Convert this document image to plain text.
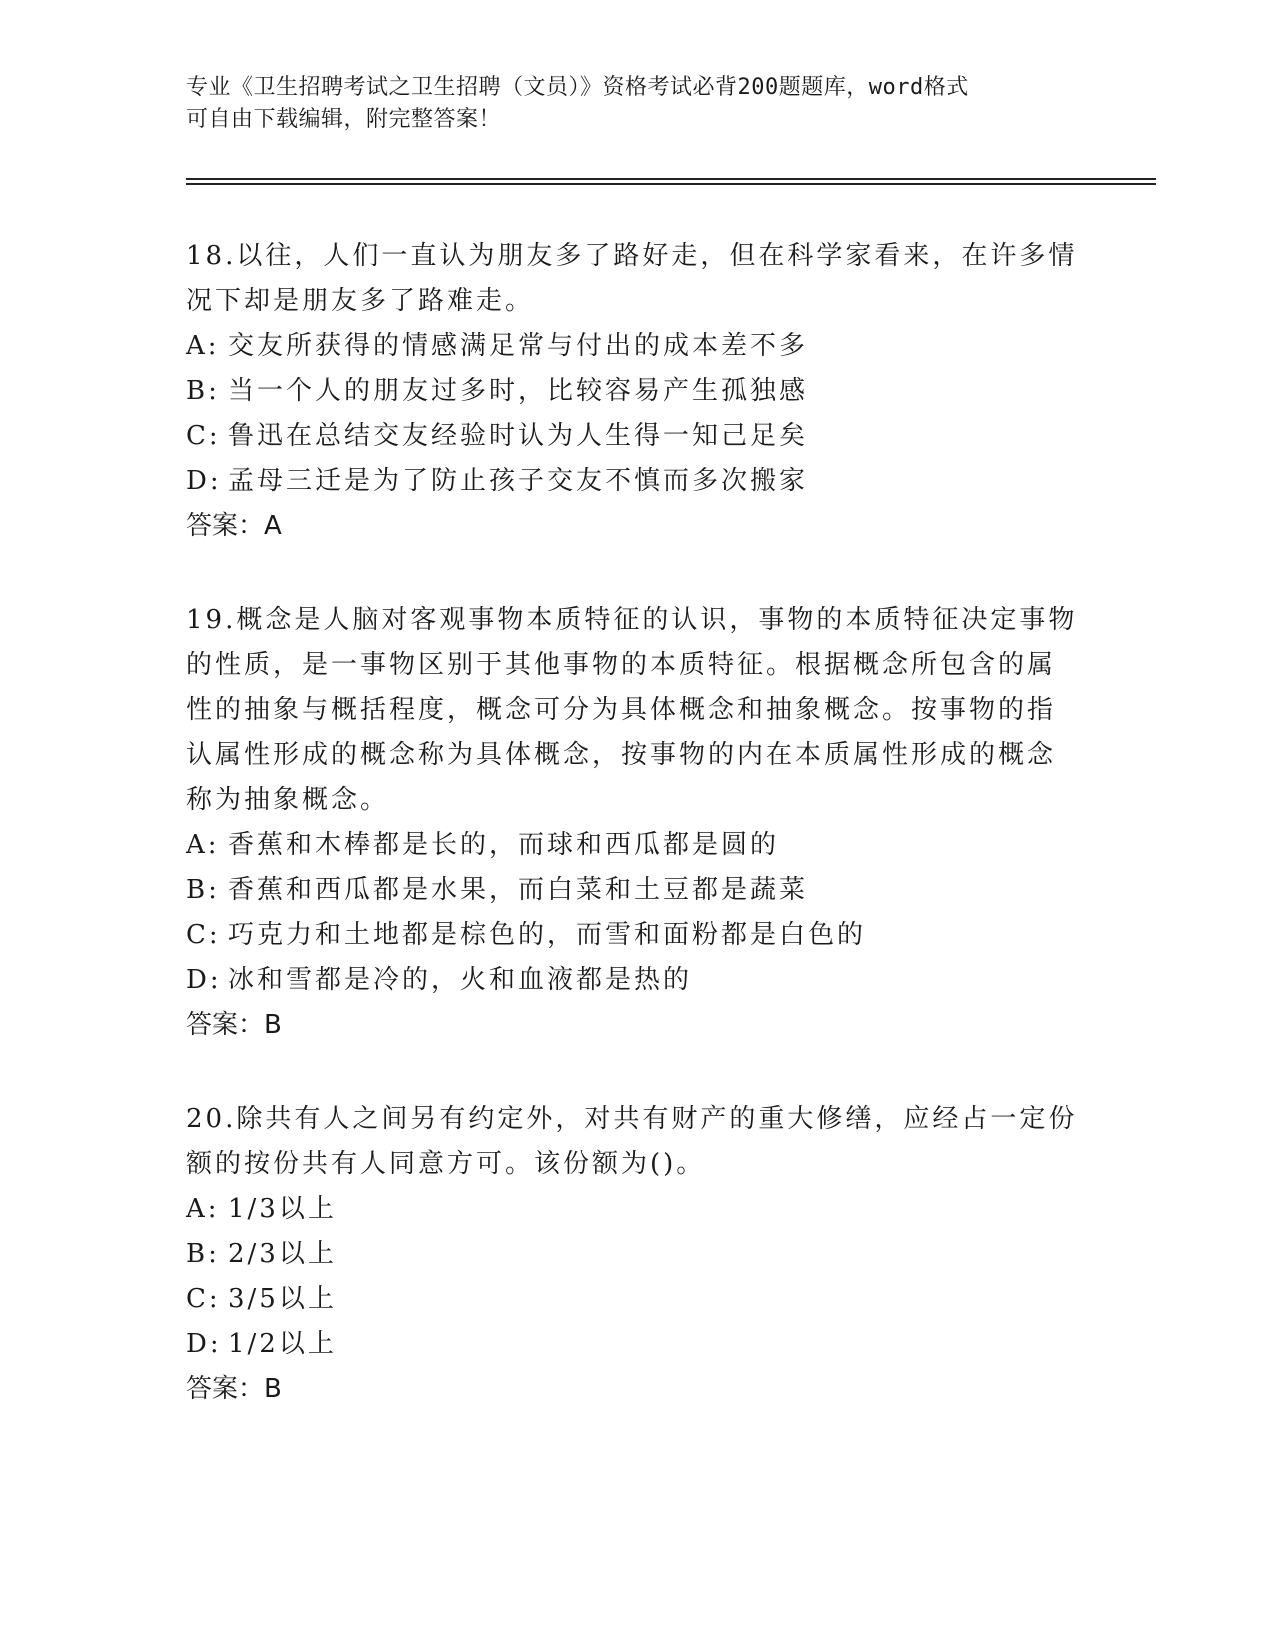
专业《卫生招聘考试之卫生招聘（文员）》资格考试必背200题题库，word格式
可自由下载编辑，附完整答案！

18.以往，人们一直认为朋友多了路好走，但在科学家看来，在许多情

况下却是朋友多了路难走。

A: 交友所获得的情感满足常与付出的成本差不多

B: 当一个人的朋友过多时，比较容易产生孤独感

C: 鲁迅在总结交友经验时认为人生得一知己足矣

D: 孟母三迁是为了防止孩子交友不慎而多次搬家

答案：A

19.概念是人脑对客观事物本质特征的认识，事物的本质特征决定事物

的性质，是一事物区别于其他事物的本质特征。根据概念所包含的属

性的抽象与概括程度，概念可分为具体概念和抽象概念。按事物的指

认属性形成的概念称为具体概念，按事物的内在本质属性形成的概念

称为抽象概念。

A: 香蕉和木棒都是长的，而球和西瓜都是圆的

B: 香蕉和西瓜都是水果，而白菜和土豆都是蔬菜

C: 巧克力和土地都是棕色的，而雪和面粉都是白色的

D: 冰和雪都是冷的，火和血液都是热的

答案：B

20.除共有人之间另有约定外，对共有财产的重大修缮，应经占一定份

额的按份共有人同意方可。该份额为()。

A: 1/3以上

B: 2/3以上

C: 3/5以上

D: 1/2以上

答案：B
